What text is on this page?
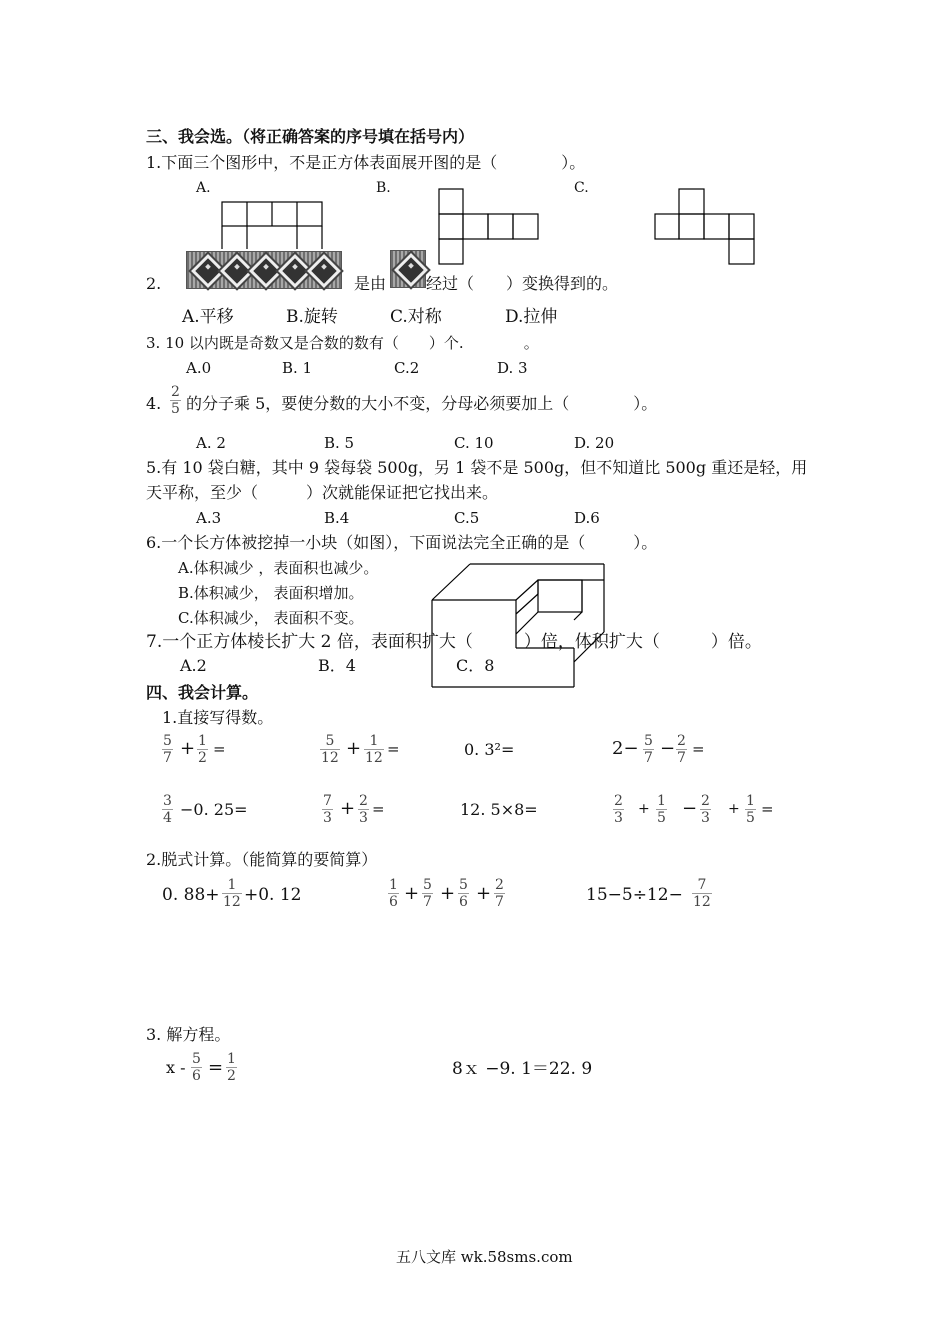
三、我会选。（将正确答案的序号填在括号内）
1.下面三个图形中，不是正方体表面展开图的是（　　　　）。
A.	B.	C.
2.	是由 经过（　　）变换得到的。
A.平移	B.旋转	C.对称	D.拉伸
3. 10 以内既是奇数又是合数的数有（　　）个.　　　　。
A.0	B. 1	C.2	D. 3
4.
2
5 的分子乘 5，要使分数的大小不变，分母必须要加上（　　　　）。
A. 2	B. 5	C. 10	D. 20
5.有 10 袋白糖，其中 9 袋每袋 500g，另 1 袋不是 500g，但不知道比 500g 重还是轻，用
天平称，至少（　　　）次就能保证把它找出来。
A.3	B.4	C.5	D.6
6.一个长方体被挖掉一小块（如图），下面说法完全正确的是（　　　）。
A.体积减少 ，表面积也减少。
B.体积减少， 表面积增加。
C.体积减少， 表面积不变。
7.一个正方体棱长扩大 2 倍，表面积扩大（　　　）倍，体积扩大（　　　）倍。
A.2	B．4	C．8
四、我会计算。
1.直接写得数。
5
7 + 1
2 =	5
12 + 1
12 =	0. 3²=	2− 5
7 − 2
7 =
3
4 −0. 25=	7
3 + 2
3 =	12. 5×8=	2
3
+ 1
5 − 2
3
+ 1
5 =
2.脱式计算。（能简算的要简算）
0. 88+ 1
12 +0. 12	1
6 + 5
7 + 5
6 + 2
7	15−5÷12−	7
12
3. 解方程。
x - 5
6 = 1
2	8ｘ −9. 1＝22. 9
五八文库 wk.58sms.com
